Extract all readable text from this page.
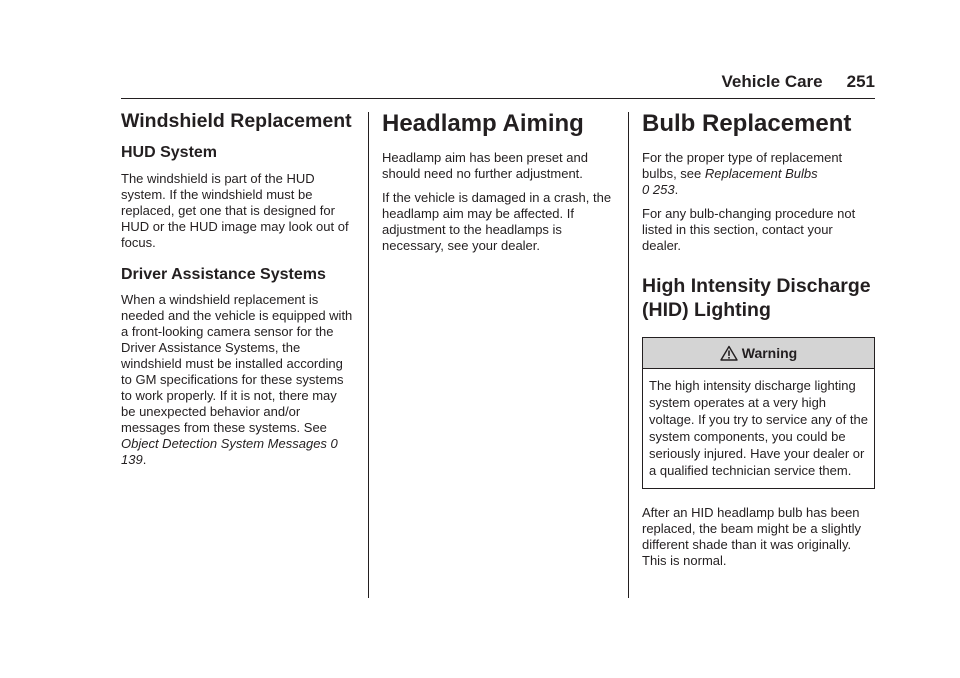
Vehicle Care 251
Windshield Replacement
HUD System

The windshield is part of the HUD system. If the windshield must be replaced, get one that is designed for HUD or the HUD image may look out of focus.

Driver Assistance Systems

When a windshield replacement is needed and the vehicle is equipped with a front-looking camera sensor for the Driver Assistance Systems, the windshield must be installed according to GM specifications for these systems to work properly. If it is not, there may be unexpected behavior and/or messages from these systems. See Object Detection System Messages 0 139.

Headlamp Aiming

Headlamp aim has been preset and should need no further adjustment.

If the vehicle is damaged in a crash, the headlamp aim may be affected. If adjustment to the headlamps is necessary, see your dealer.

Bulb Replacement

For the proper type of replacement bulbs, see Replacement Bulbs
0 253.

For any bulb-changing procedure not listed in this section, contact your dealer.

High Intensity Discharge
(HID) Lighting
Warning
The high intensity discharge lighting system operates at a very high voltage. If you try to service any of the system components, you could be seriously injured. Have your dealer or a qualified technician service them.

After an HID headlamp bulb has been replaced, the beam might be a slightly different shade than it was originally. This is normal.
